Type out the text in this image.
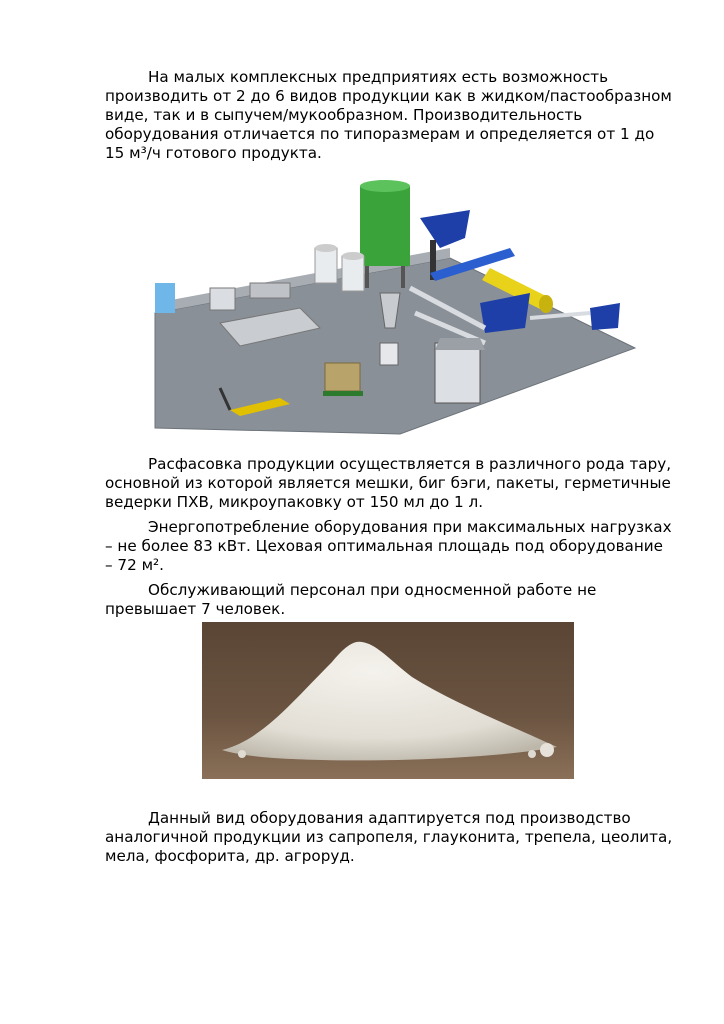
На малых комплексных предприятиях есть возможность производить от 2 до 6 видов продукции как в жидком/пастообразном виде, так и в сыпучем/мукообразном. Производительность оборудования отличается по типоразмерам и определяется от 1 до 15 м³/ч готового продукта.

Расфасовка продукции осуществляется в различного рода тару, основной из которой является мешки, биг бэги, пакеты, герметичные ведерки ПХВ, микроупаковку от 150 мл до 1 л.

Энергопотребление оборудования при максимальных нагрузках – не более 83 кВт. Цеховая оптимальная площадь под оборудование – 72 м².

Обслуживающий персонал при односменной работе не превышает 7 человек.

Данный вид оборудования адаптируется под производство аналогичной продукции из сапропеля, глауконита, трепела, цеолита, мела, фосфорита, др. агроруд.
